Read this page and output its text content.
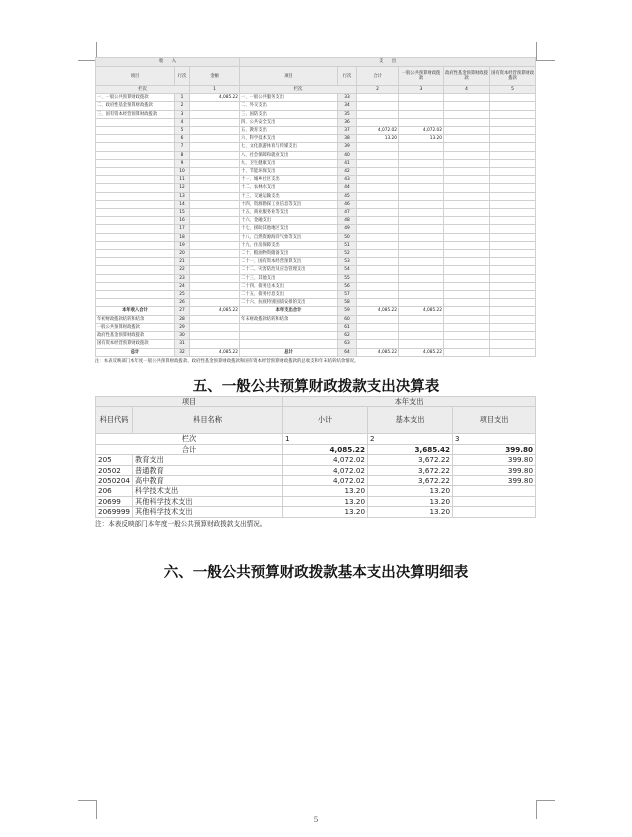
收　　入			支　　出					
项目	行次	金额	项目	行次	合计	一般公共预算财政拨款	政府性基金预算财政拨款	国有资本经营预算财政拨款
栏次		1	栏次		2	3	4	5
一、一般公共预算财政拨款	1	4,085.22	一、一般公共服务支出	33				
二、政府性基金预算财政拨款	2		二、外交支出	34				
三、国有资本经营预算财政拨款	3		三、国防支出	35				
	4		四、公共安全支出	36				
	5		五、教育支出	37	4,072.02	4,072.02		
	6		六、科学技术支出	38	13.20	13.20		
	7		七、文化旅游体育与传媒支出	39				
	8		八、社会保障和就业支出	40				
	9		九、卫生健康支出	41				
	10		十、节能环保支出	42				
	11		十一、城乡社区支出	43				
	12		十二、农林水支出	44				
	13		十三、交通运输支出	45				
	14		十四、资源勘探工业信息等支出	46				
	15		十五、商业服务业等支出	47				
	16		十六、金融支出	48				
	17		十七、援助其他地区支出	49				
	18		十八、自然资源海洋气象等支出	50				
	19		十九、住房保障支出	51				
	20		二十、粮油物资储备支出	52				
	21		二十一、国有资本经营预算支出	53				
	22		二十二、灾害防治及应急管理支出	54				
	23		二十三、其他支出	55				
	24		二十四、债务还本支出	56				
	25		二十五、债务付息支出	57				
	26		二十六、抗疫特别国债安排的支出	58				
本年收入合计	27	4,085.22	本年支出合计	59	4,085.22	4,085.22		
年初财政拨款结转和结余	28		年末财政拨款结转和结余	60				
一般公共预算财政拨款	29			61				
政府性基金预算财政拨款	30			62				
国有资本经营预算财政拨款	31			63				
总计	32	4,085.22	总计	64	4,085.22	4,085.22		
注：本表反映部门本年度一般公共预算财政拨款、政府性基金预算财政拨款和国有资本经营预算财政拨款的总收支和年末结转结余情况。
五、一般公共预算财政拨款支出决算表
项目		本年支出		
科目代码	科目名称	小计	基本支出	项目支出
栏次		1	2	3
合计		4,085.22	3,685.42	399.80
205	教育支出	4,072.02	3,672.22	399.80
20502	普通教育	4,072.02	3,672.22	399.80
2050204	高中教育	4,072.02	3,672.22	399.80
206	科学技术支出	13.20	13.20	
20699	其他科学技术支出	13.20	13.20	
2069999	其他科学技术支出	13.20	13.20	
注：本表反映部门本年度一般公共预算财政拨款支出情况。
六、一般公共预算财政拨款基本支出决算明细表
5
